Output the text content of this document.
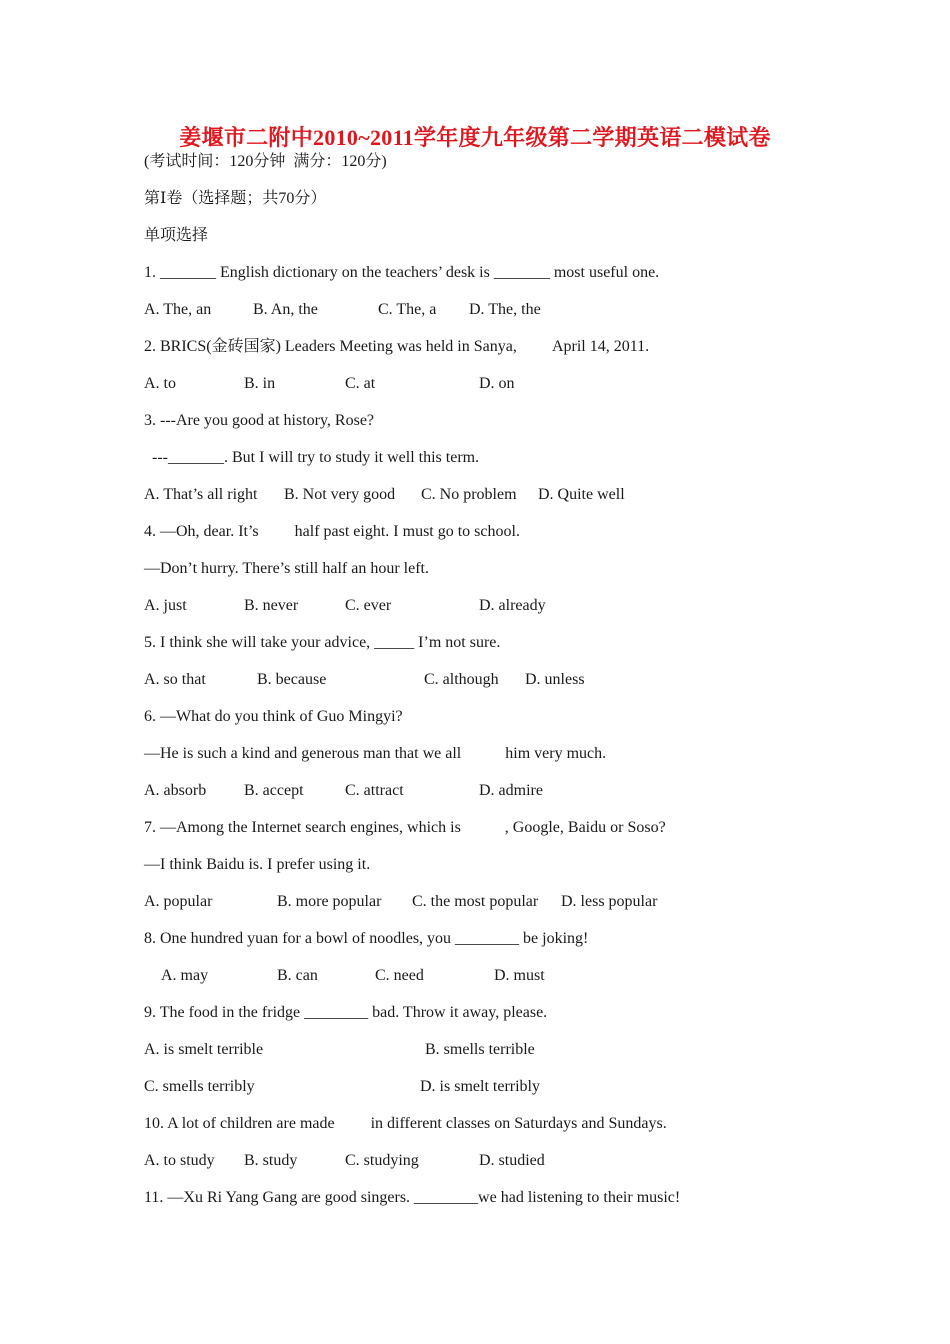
姜堰市二附中2010~2011学年度九年级第二学期英语二模试卷
(考试时间：120分钟  满分：120分)
第Ⅰ卷（选择题；共70分）
单项选择
1. _______ English dictionary on the teachers’ desk is _______ most useful one.

A. The, an

	B. An, the

	C. The, a

D. The, the

2. BRICS(金砖国家) Leaders Meeting was held in Sanya,         April 14, 2011.

A. to

	B. in

	C. at

	D. on

3. ---Are you good at history, Rose?
---_______. But I will try to study it well this term.

A. That’s all right

B. Not very good

C. No problem

D. Quite well

4. —Oh, dear. It’s         half past eight. I must go to school.
—Don’t hurry. There’s still half an hour left.

A. just

	B. never

	C. ever

	D. already

5. I think she will take your advice, _____ I’m not sure.

A. so that

	B. because

	C. although

D. unless

6. —What do you think of Guo Mingyi?
—He is such a kind and generous man that we all           him very much.

A. absorb

B. accept

	C. attract

	D. admire

7. —Among the Internet search engines, which is           , Google, Baidu or Soso?
—I think Baidu is. I prefer using it.

A. popular

	B. more popular

C. the most popular

D. less popular

8. One hundred yuan for a bowl of noodles, you ________ be joking!

A. may

	B. can

	C. need

	D. must

9. The food in the fridge ________ bad. Throw it away, please.

A. is smelt terrible

	B. smells terrible

C. smells terribly

	D. is smelt terribly

10. A lot of children are made         in different classes on Saturdays and Sundays.

A. to study

B. study

	C. studying

	D. studied

11. —Xu Ri Yang Gang are good singers. ________we had listening to their music!
